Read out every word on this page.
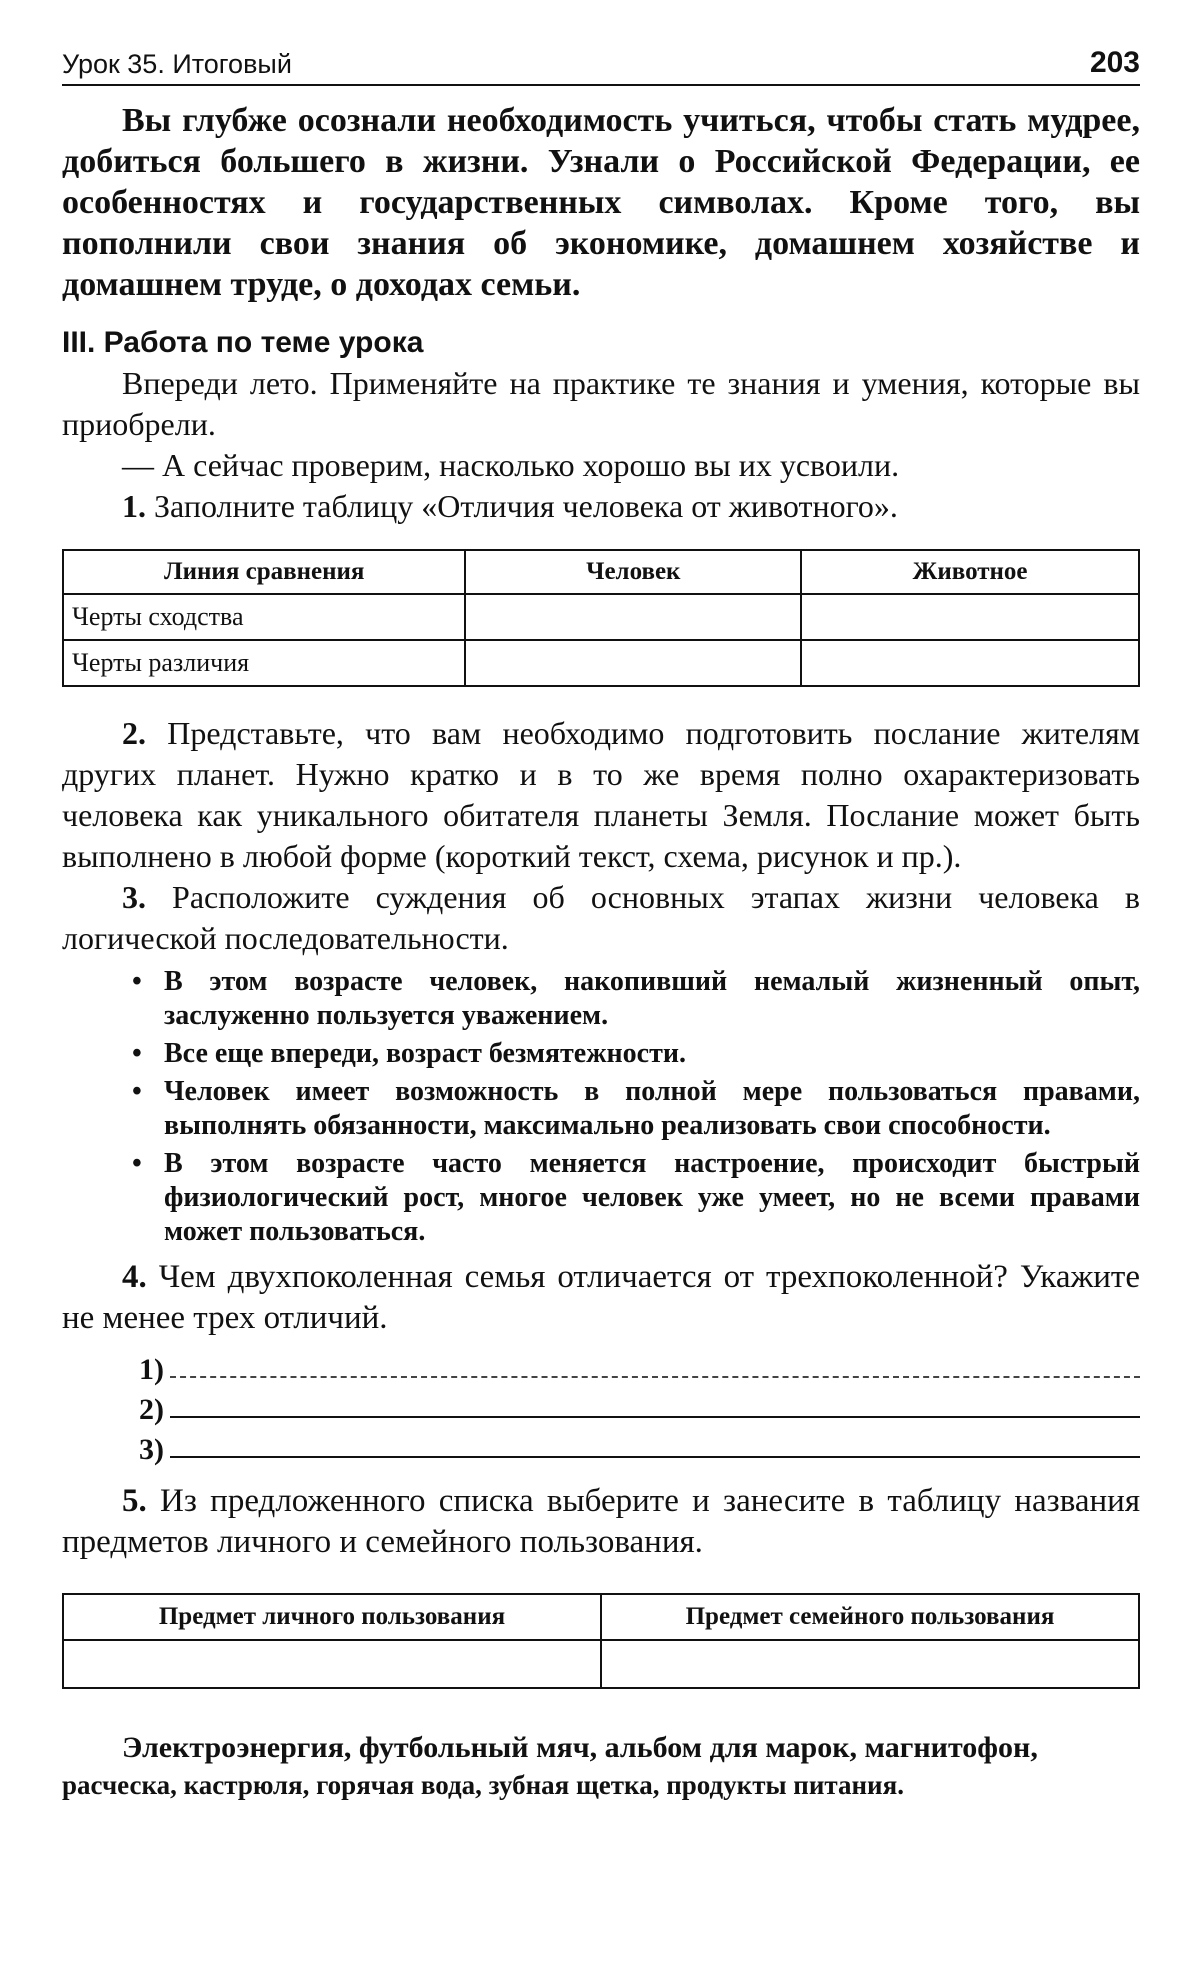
Урок 35. Итоговый	203

Вы глубже осознали необходимость учиться, чтобы стать мудрее, добиться большего в жизни. Узнали о Российской Федерации, ее особенностях и государственных символах. Кроме того, вы пополнили свои знания об экономике, домашнем хозяйстве и домашнем труде, о доходах семьи.

III. Работа по теме урока

Впереди лето. Применяйте на практике те знания и умения, которые вы приобрели.

— А сейчас проверим, насколько хорошо вы их усвоили.

1. Заполните таблицу «Отличия человека от животного».

Линия сравнения	Человек	Животное
Черты сходства		
Черты различия		

2. Представьте, что вам необходимо подготовить послание жителям других планет. Нужно кратко и в то же время полно охарактеризовать человека как уникального обитателя планеты Земля. Послание может быть выполнено в любой форме (короткий текст, схема, рисунок и пр.).

3. Расположите суждения об основных этапах жизни человека в логической последовательности.

• В этом возрасте человек, накопивший немалый жизненный опыт, заслуженно пользуется уважением.
• Все еще впереди, возраст безмятежности.
• Человек имеет возможность в полной мере пользоваться правами, выполнять обязанности, максимально реализовать свои способности.
• В этом возрасте часто меняется настроение, происходит быстрый физиологический рост, многое человек уже умеет, но не всеми правами может пользоваться.

4. Чем двухпоколенная семья отличается от трехпоколенной? Укажите не менее трех отличий.

1)
2)
3)

5. Из предложенного списка выберите и занесите в таблицу названия предметов личного и семейного пользования.

Предмет личного пользования	Предмет семейного пользования

Электроэнергия, футбольный мяч, альбом для марок, магнитофон,

расческа, кастрюля, горячая вода, зубная щетка, продукты питания.
